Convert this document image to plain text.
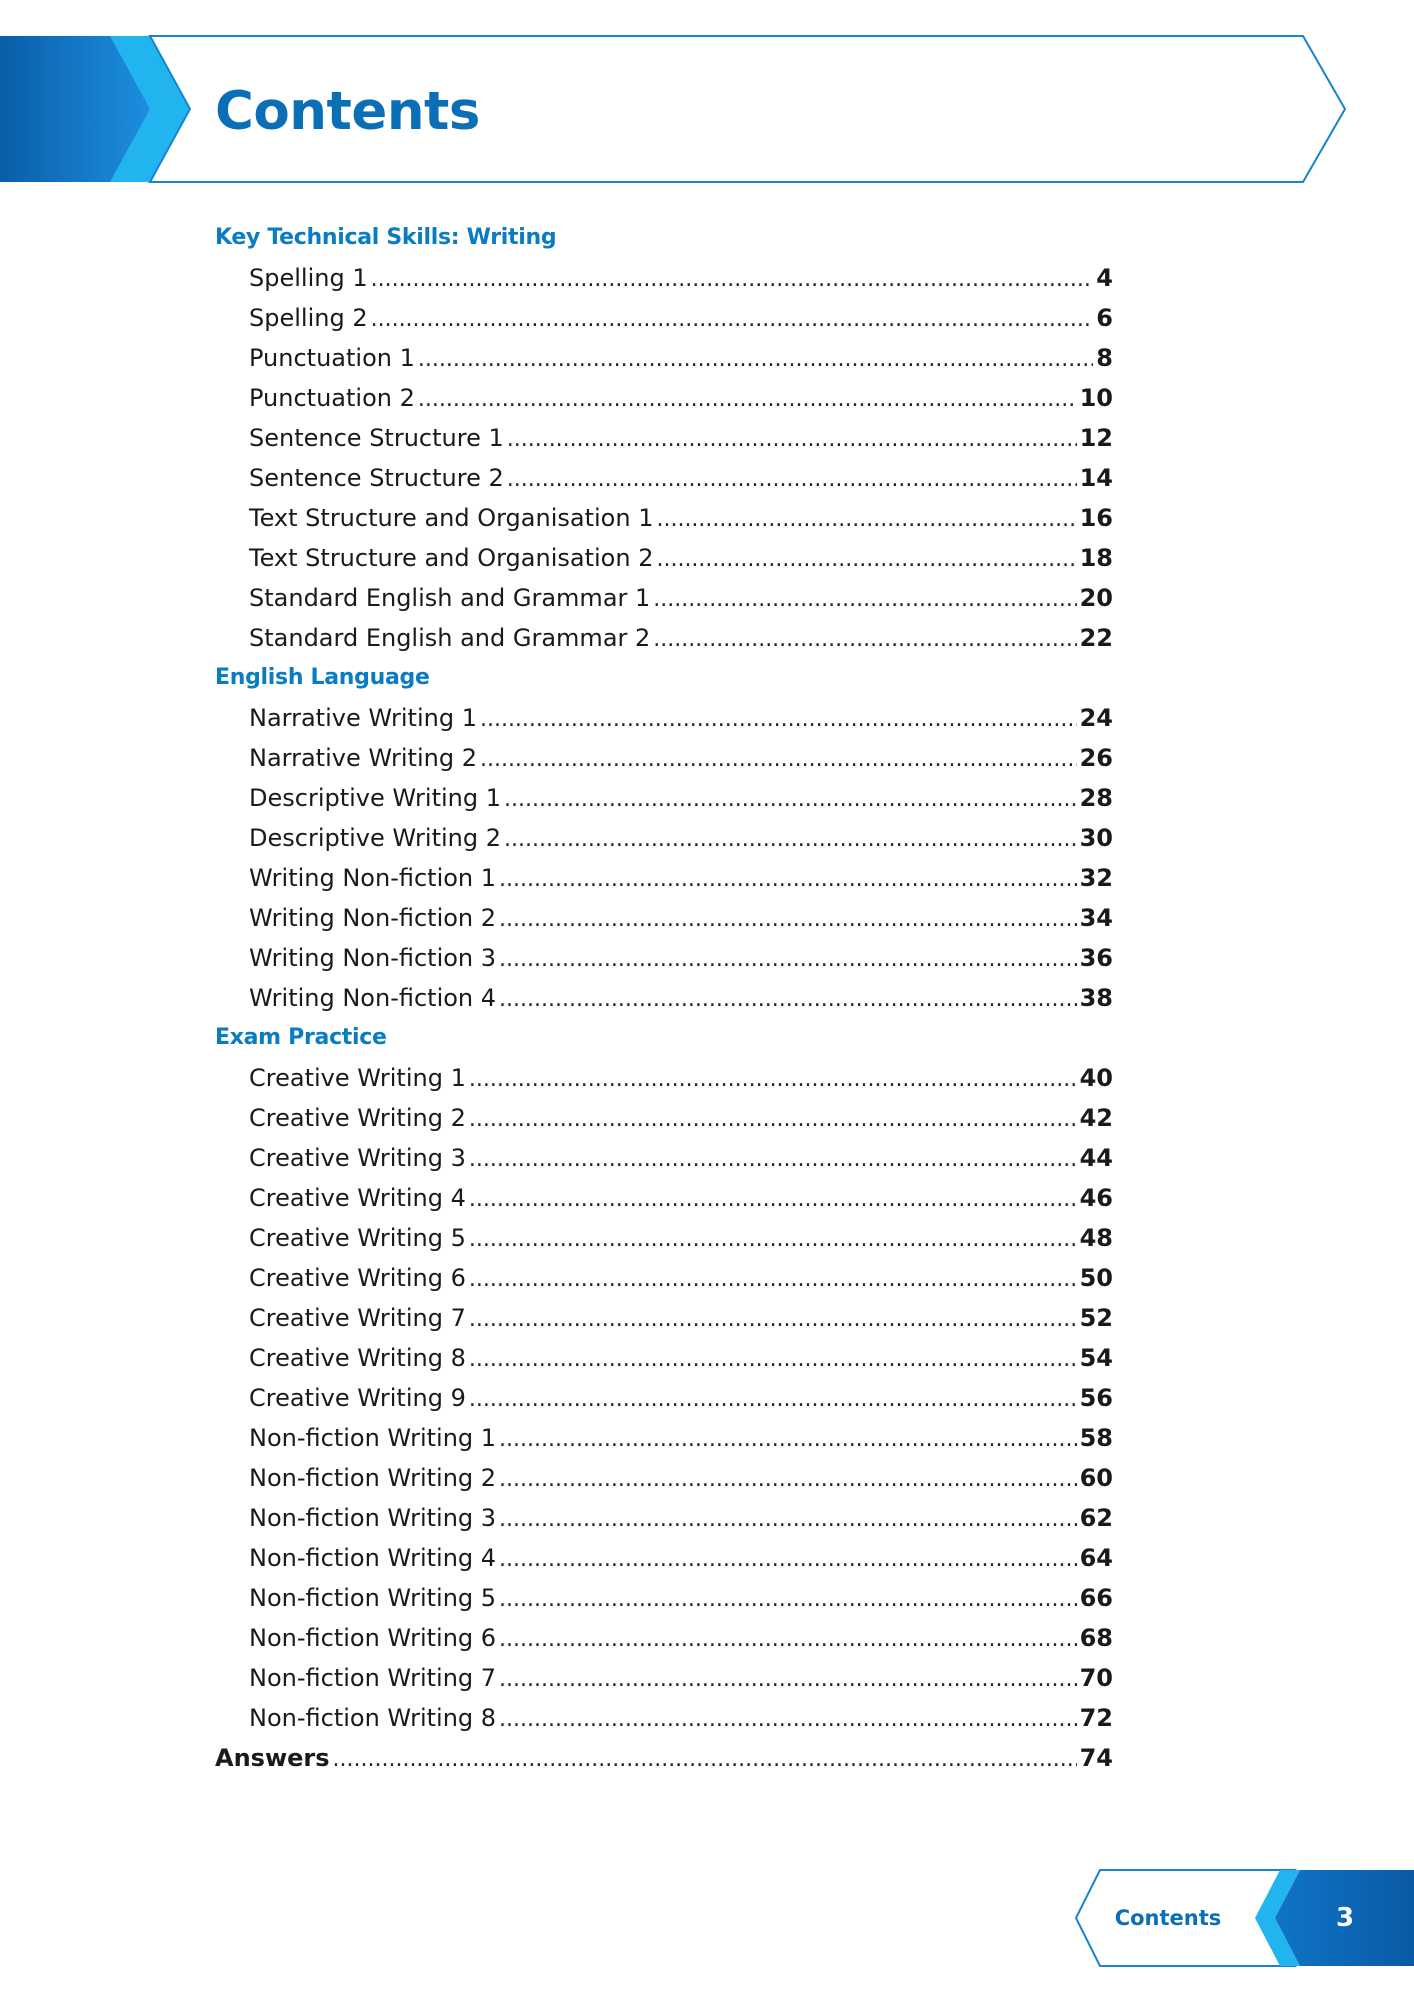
Contents
Key Technical Skills: Writing
Spelling 1 .....	4
Spelling 2 .....	6
Punctuation 1 .....	8
Punctuation 2 .....	10
Sentence Structure 1 .....	12
Sentence Structure 2 .....	14
Text Structure and Organisation 1 .....	16
Text Structure and Organisation 2 .....	18
Standard English and Grammar 1 .....	20
Standard English and Grammar 2 .....	22
English Language
Narrative Writing 1 .....	24
Narrative Writing 2 .....	26
Descriptive Writing 1 .....	28
Descriptive Writing 2 .....	30
Writing Non-fiction 1 .....	32
Writing Non-fiction 2 .....	34
Writing Non-fiction 3 .....	36
Writing Non-fiction 4 .....	38
Exam Practice
Creative Writing 1 .....	40
Creative Writing 2 .....	42
Creative Writing 3 .....	44
Creative Writing 4 .....	46
Creative Writing 5 .....	48
Creative Writing 6 .....	50
Creative Writing 7 .....	52
Creative Writing 8 .....	54
Creative Writing 9 .....	56
Non-fiction Writing 1 .....	58
Non-fiction Writing 2 .....	60
Non-fiction Writing 3 .....	62
Non-fiction Writing 4 .....	64
Non-fiction Writing 5 .....	66
Non-fiction Writing 6 .....	68
Non-fiction Writing 7 .....	70
Non-fiction Writing 8 .....	72
Answers .....	74
Contents	3
